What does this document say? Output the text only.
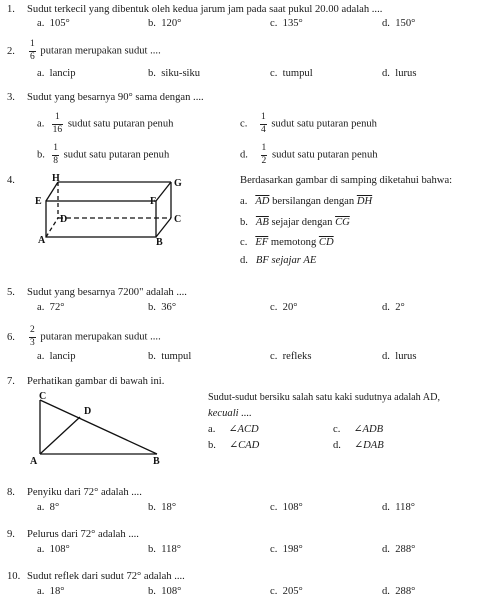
1. Sudut terkecil yang dibentuk oleh kedua jarum jam pada saat pukul 20.00 adalah ....
a. 105°	b. 120°	c. 135°	d. 150°
2. $\frac{1}{6}$ putaran merupakan sudut ....
a. lancip	b. siku-siku	c. tumpul	d. lurus
3. Sudut yang besarnya 90° sama dengan ....
a. $\frac{1}{16}$ sudut satu putaran penuh	c. $\frac{1}{4}$ sudut satu putaran penuh
b. $\frac{1}{8}$ sudut satu putaran penuh	d. $\frac{1}{2}$ sudut satu putaran penuh
4.	H	G
E	F
D	C
A	B
Berdasarkan gambar di samping diketahui bahwa:
a. $\overline{AD}$ bersilangan dengan $\overline{DH}$
b. $\overline{AB}$ sejajar dengan $\overline{CG}$
c. $\overline{EF}$ memotong $\overline{CD}$
d. BF sejajar AE
5. Sudut yang besarnya 7200" adalah ....
a. 72°	b. 36°	c. 20°	d. 2°
6. $\frac{2}{3}$ putaran merupakan sudut ....
a. lancip	b. tumpul	c. refleks	d. lurus
7. Perhatikan gambar di bawah ini.
C
D
A	B
Sudut-sudut bersiku salah satu kaki sudutnya adalah AD,
kecuali ....
a. ∠ACD	c. ∠ADB
b. ∠CAD	d. ∠DAB
8. Penyiku dari 72° adalah ....
a. 8°	b. 18°	c. 108°	d. 118°
9. Pelurus dari 72° adalah ....
a. 108°	b. 118°	c. 198°	d. 288°
10. Sudut reflek dari sudut 72° adalah ....
a. 18°	b. 108°	c. 205°	d. 288°
